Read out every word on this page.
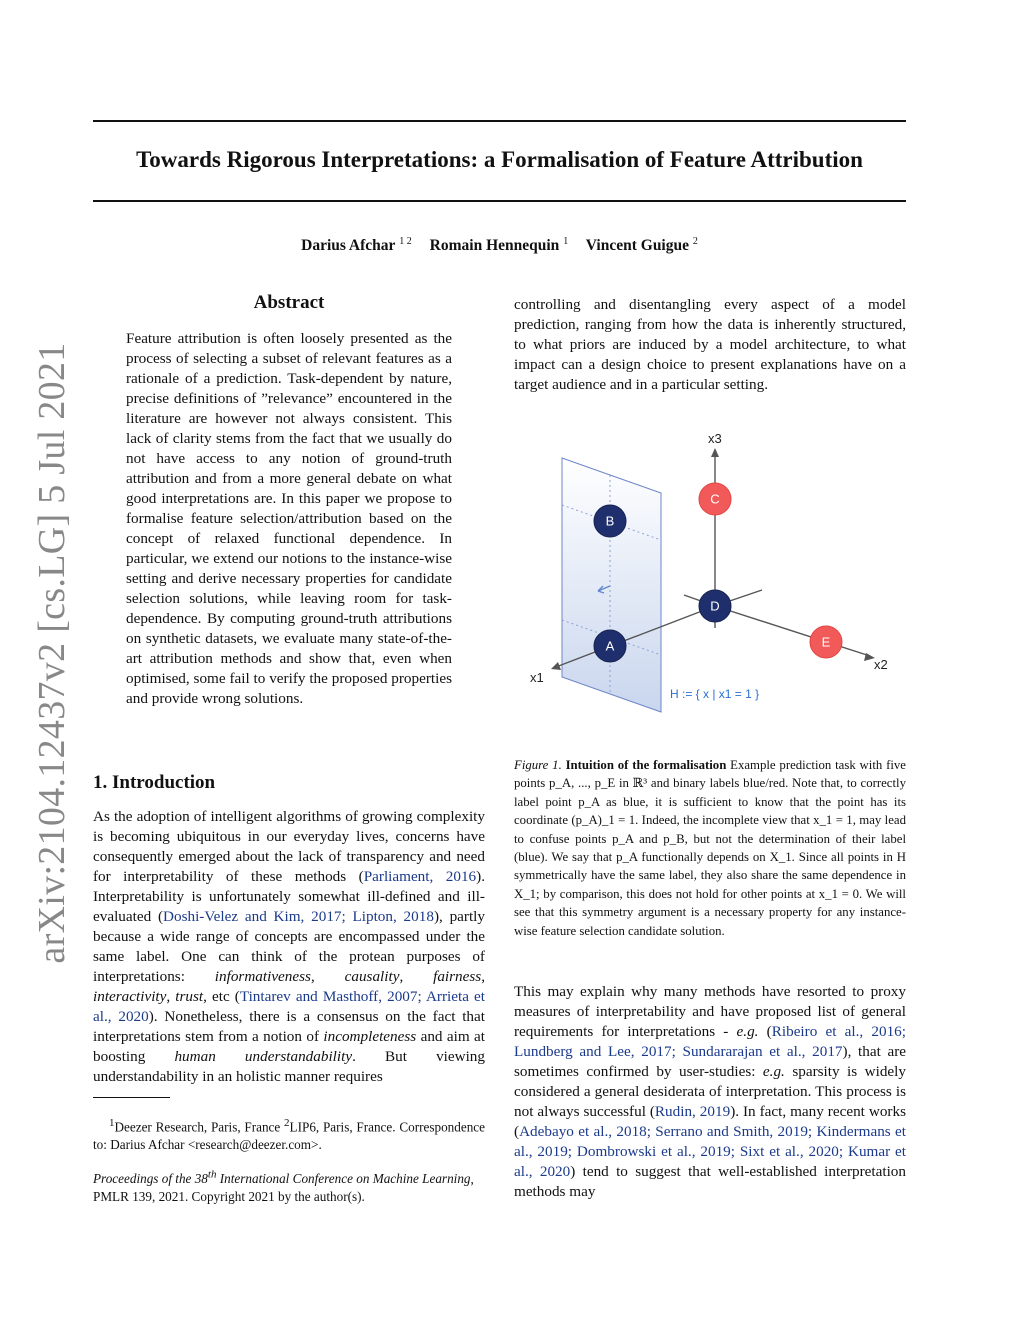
Towards Rigorous Interpretations: a Formalisation of Feature Attribution
Darius Afchar $^{1 2}$ Romain Hennequin $^1$ Vincent Guigue $^2$
arXiv:2104.12437v2 [cs.LG] 5 Jul 2021
Abstract
Feature attribution is often loosely presented as the process of selecting a subset of relevant features as a rationale of a prediction. Task-dependent by nature, precise definitions of ”relevance” encountered in the literature are however not always consistent. This lack of clarity stems from the fact that we usually do not have access to any notion of ground-truth attribution and from a more general debate on what good interpretations are. In this paper we propose to formalise feature selection/attribution based on the concept of relaxed functional dependence. In particular, we extend our notions to the instance-wise setting and derive necessary properties for candidate selection solutions, while leaving room for task-dependence. By computing ground-truth attributions on synthetic datasets, we evaluate many state-of-the-art attribution methods and show that, even when optimised, some fail to verify the proposed properties and provide wrong solutions.
1. Introduction
As the adoption of intelligent algorithms of growing complexity is becoming ubiquitous in our everyday lives, concerns have consequently emerged about the lack of transparency and need for interpretability of these methods (Parliament, 2016). Interpretability is unfortunately somewhat ill-defined and ill-evaluated (Doshi-Velez and Kim, 2017; Lipton, 2018), partly because a wide range of concepts are encompassed under the same label. One can think of the protean purposes of interpretations: informativeness, causality, fairness, interactivity, trust, etc (Tintarev and Masthoff, 2007; Arrieta et al., 2020). Nonetheless, there is a consensus on the fact that interpretations stem from a notion of incompleteness and aim at boosting human understandability. But viewing understandability in an holistic manner requires
$^1$Deezer Research, Paris, France $^2$LIP6, Paris, France. Correspondence to: Darius Afchar <research@deezer.com>.
Proceedings of the 38th International Conference on Machine Learning, PMLR 139, 2021. Copyright 2021 by the author(s).
controlling and disentangling every aspect of a model prediction, ranging from how the data is inherently structured, to what priors are induced by a model architecture, to what impact can a design choice to present explanations have on a target audience and in a particular setting.
x3
x1
x2
H := { x | x1 = 1 }
A
B
C
D
E
Figure 1. Intuition of the formalisation Example prediction task with five points p_A, ..., p_E in ℝ³ and binary labels blue/red. Note that, to correctly label point p_A as blue, it is sufficient to know that the point has its coordinate (p_A)_1 = 1. Indeed, the incomplete view that x_1 = 1, may lead to confuse points p_A and p_B, but not the determination of their label (blue). We say that p_A functionally depends on X_1. Since all points in H symmetrically have the same label, they also share the same dependence in X_1; by comparison, this does not hold for other points at x_1 = 0. We will see that this symmetry argument is a necessary property for any instance-wise feature selection candidate solution.
This may explain why many methods have resorted to proxy measures of interpretability and have proposed list of general requirements for interpretations - e.g. (Ribeiro et al., 2016; Lundberg and Lee, 2017; Sundararajan et al., 2017), that are sometimes confirmed by user-studies: e.g. sparsity is widely considered a general desiderata of interpretation. This process is not always successful (Rudin, 2019). In fact, many recent works (Adebayo et al., 2018; Serrano and Smith, 2019; Kindermans et al., 2019; Dombrowski et al., 2019; Sixt et al., 2020; Kumar et al., 2020) tend to suggest that well-established interpretation methods may
